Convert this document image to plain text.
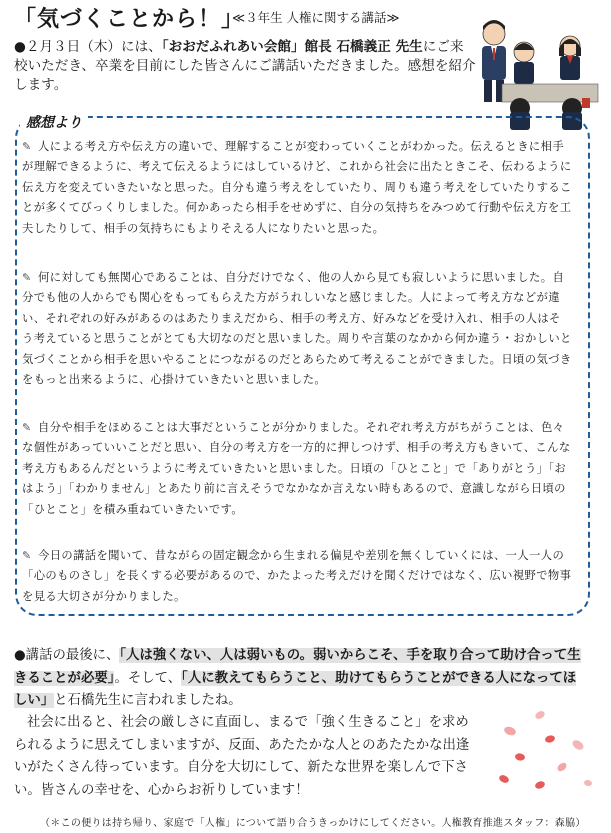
「気づくことから！」
≪３年生 人権に関する講話≫
●２月３日（木）には、「おおだふれあい会館」館長 石橋義正 先生にご来校いただき、卒業を目前にした皆さんにご講話いただきました。感想を紹介します。
感想より
✎ 人による考え方や伝え方の違いで、理解することが変わっていくことがわかった。伝えるときに相手が理解できるように、考えて伝えるようにはしているけど、これから社会に出たときこそ、伝わるように伝え方を変えていきたいなと思った。自分も違う考えをしていたり、周りも違う考えをしていたりすることが多くてびっくりしました。何かあったら相手をせめずに、自分の気持ちをみつめて行動や伝え方を工夫したりして、相手の気持ちにもよりそえる人になりたいと思った。
✎ 何に対しても無関心であることは、自分だけでなく、他の人から見ても寂しいように思いました。自分でも他の人からでも関心をもってもらえた方がうれしいなと感じました。人によって考え方などが違い、それぞれの好みがあるのはあたりまえだから、相手の考え方、好みなどを受け入れ、相手の人はそう考えていると思うことがとても大切なのだと思いました。周りや言葉のなかから何か違う・おかしいと気づくことから相手を思いやることにつながるのだとあらためて考えることができました。日頃の気づきをもっと出来るように、心掛けていきたいと思いました。
✎ 自分や相手をほめることは大事だということが分かりました。それぞれ考え方がちがうことは、色々な個性があっていいことだと思い、自分の考え方を一方的に押しつけず、相手の考え方もきいて、こんな考え方もあるんだというように考えていきたいと思いました。日頃の「ひとこと」で「ありがとう」「おはよう」「わかりません」とあたり前に言えそうでなかなか言えない時もあるので、意識しながら日頃の「ひとこと」を積み重ねていきたいです。
✎ 今日の講話を聞いて、昔ながらの固定観念から生まれる偏見や差別を無くしていくには、一人一人の「心のものさし」を長くする必要があるので、かたよった考えだけを聞くだけではなく、広い視野で物事を見る大切さが分かりました。
●講話の最後に、「人は強くない、人は弱いもの。弱いからこそ、手を取り合って助け合って生きることが必要」。そして、「人に教えてもらうこと、助けてもらうことができる人になってほしい」と石橋先生に言われましたね。
社会に出ると、社会の厳しさに直面し、まるで「強く生きること」を求められるように思えてしまいますが、反面、あたたかな人とのあたたかな出逢いがたくさん待っています。自分を大切にして、新たな世界を楽しんで下さい。皆さんの幸せを、心からお祈りしています！
（＊この便りは持ち帰り、家庭で「人権」について語り合うきっかけにしてください。人権教育推進スタッフ：森脇）
